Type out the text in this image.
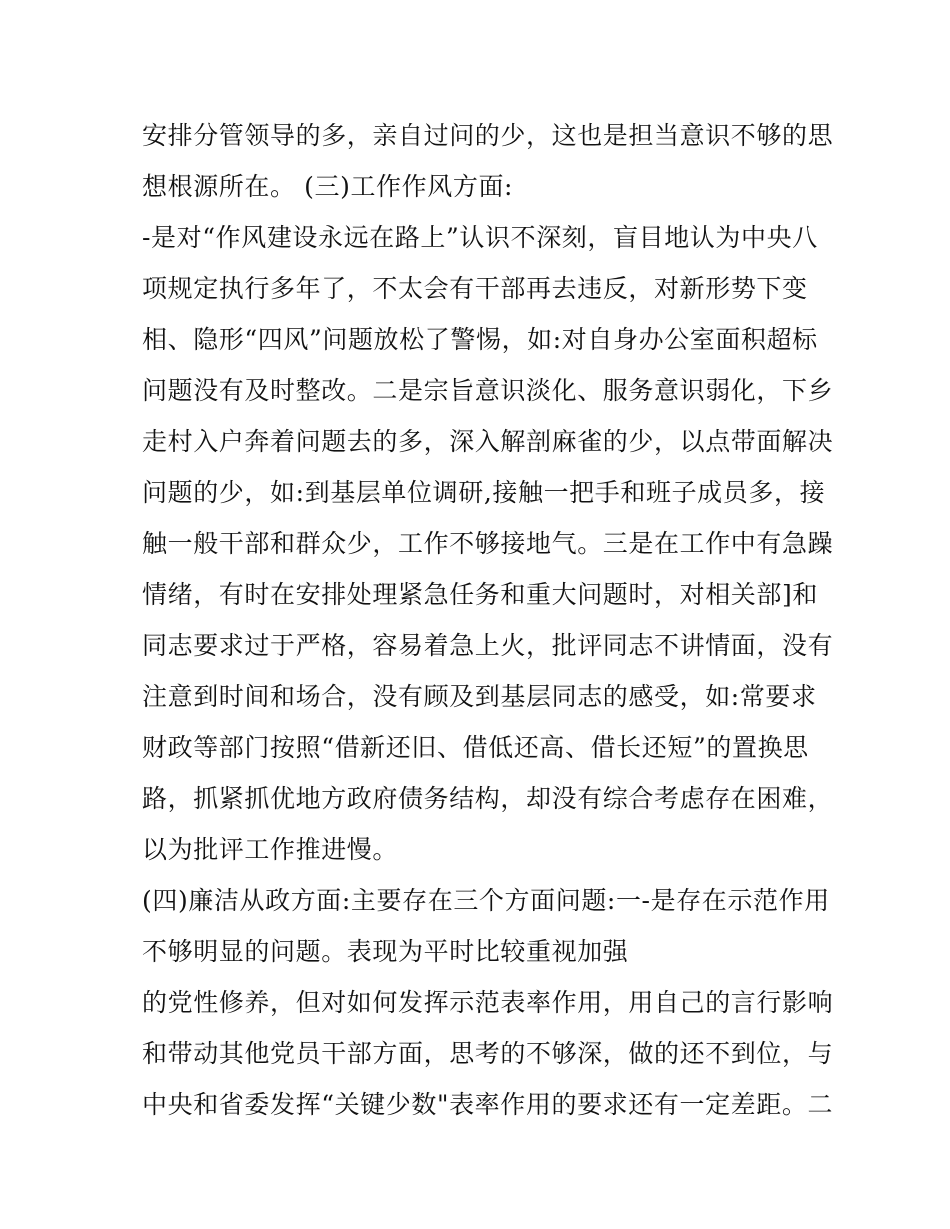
安排分管领导的多，亲自过问的少，这也是担当意识不够的思
想根源所在。 (三)工作作风方面:
-是对“作风建设永远在路上”认识不深刻，盲目地认为中央八
项规定执行多年了，不太会有干部再去违反，对新形势下变
相、隐形“四风”问题放松了警惕，如:对自身办公室面积超标
问题没有及时整改。二是宗旨意识淡化、服务意识弱化，下乡
走村入户奔着问题去的多，深入解剖麻雀的少，以点带面解决
问题的少，如:到基层单位调研,接触一把手和班子成员多，接
触一般干部和群众少，工作不够接地气。三是在工作中有急躁
情绪，有时在安排处理紧急任务和重大问题时，对相关部]和
同志要求过于严格，容易着急上火，批评同志不讲情面，没有
注意到时间和场合，没有顾及到基层同志的感受，如:常要求
财政等部门按照“借新还旧、借低还高、借长还短”的置换思
路，抓紧抓优地方政府债务结构，却没有综合考虑存在困难，
以为批评工作推进慢。
(四)廉洁从政方面:主要存在三个方面问题:一-是存在示范作用
不够明显的问题。表现为平时比较重视加强
的党性修养，但对如何发挥示范表率作用，用自己的言行影响
和带动其他党员干部方面，思考的不够深，做的还不到位，与
中央和省委发挥“关键少数"表率作用的要求还有一定差距。二
